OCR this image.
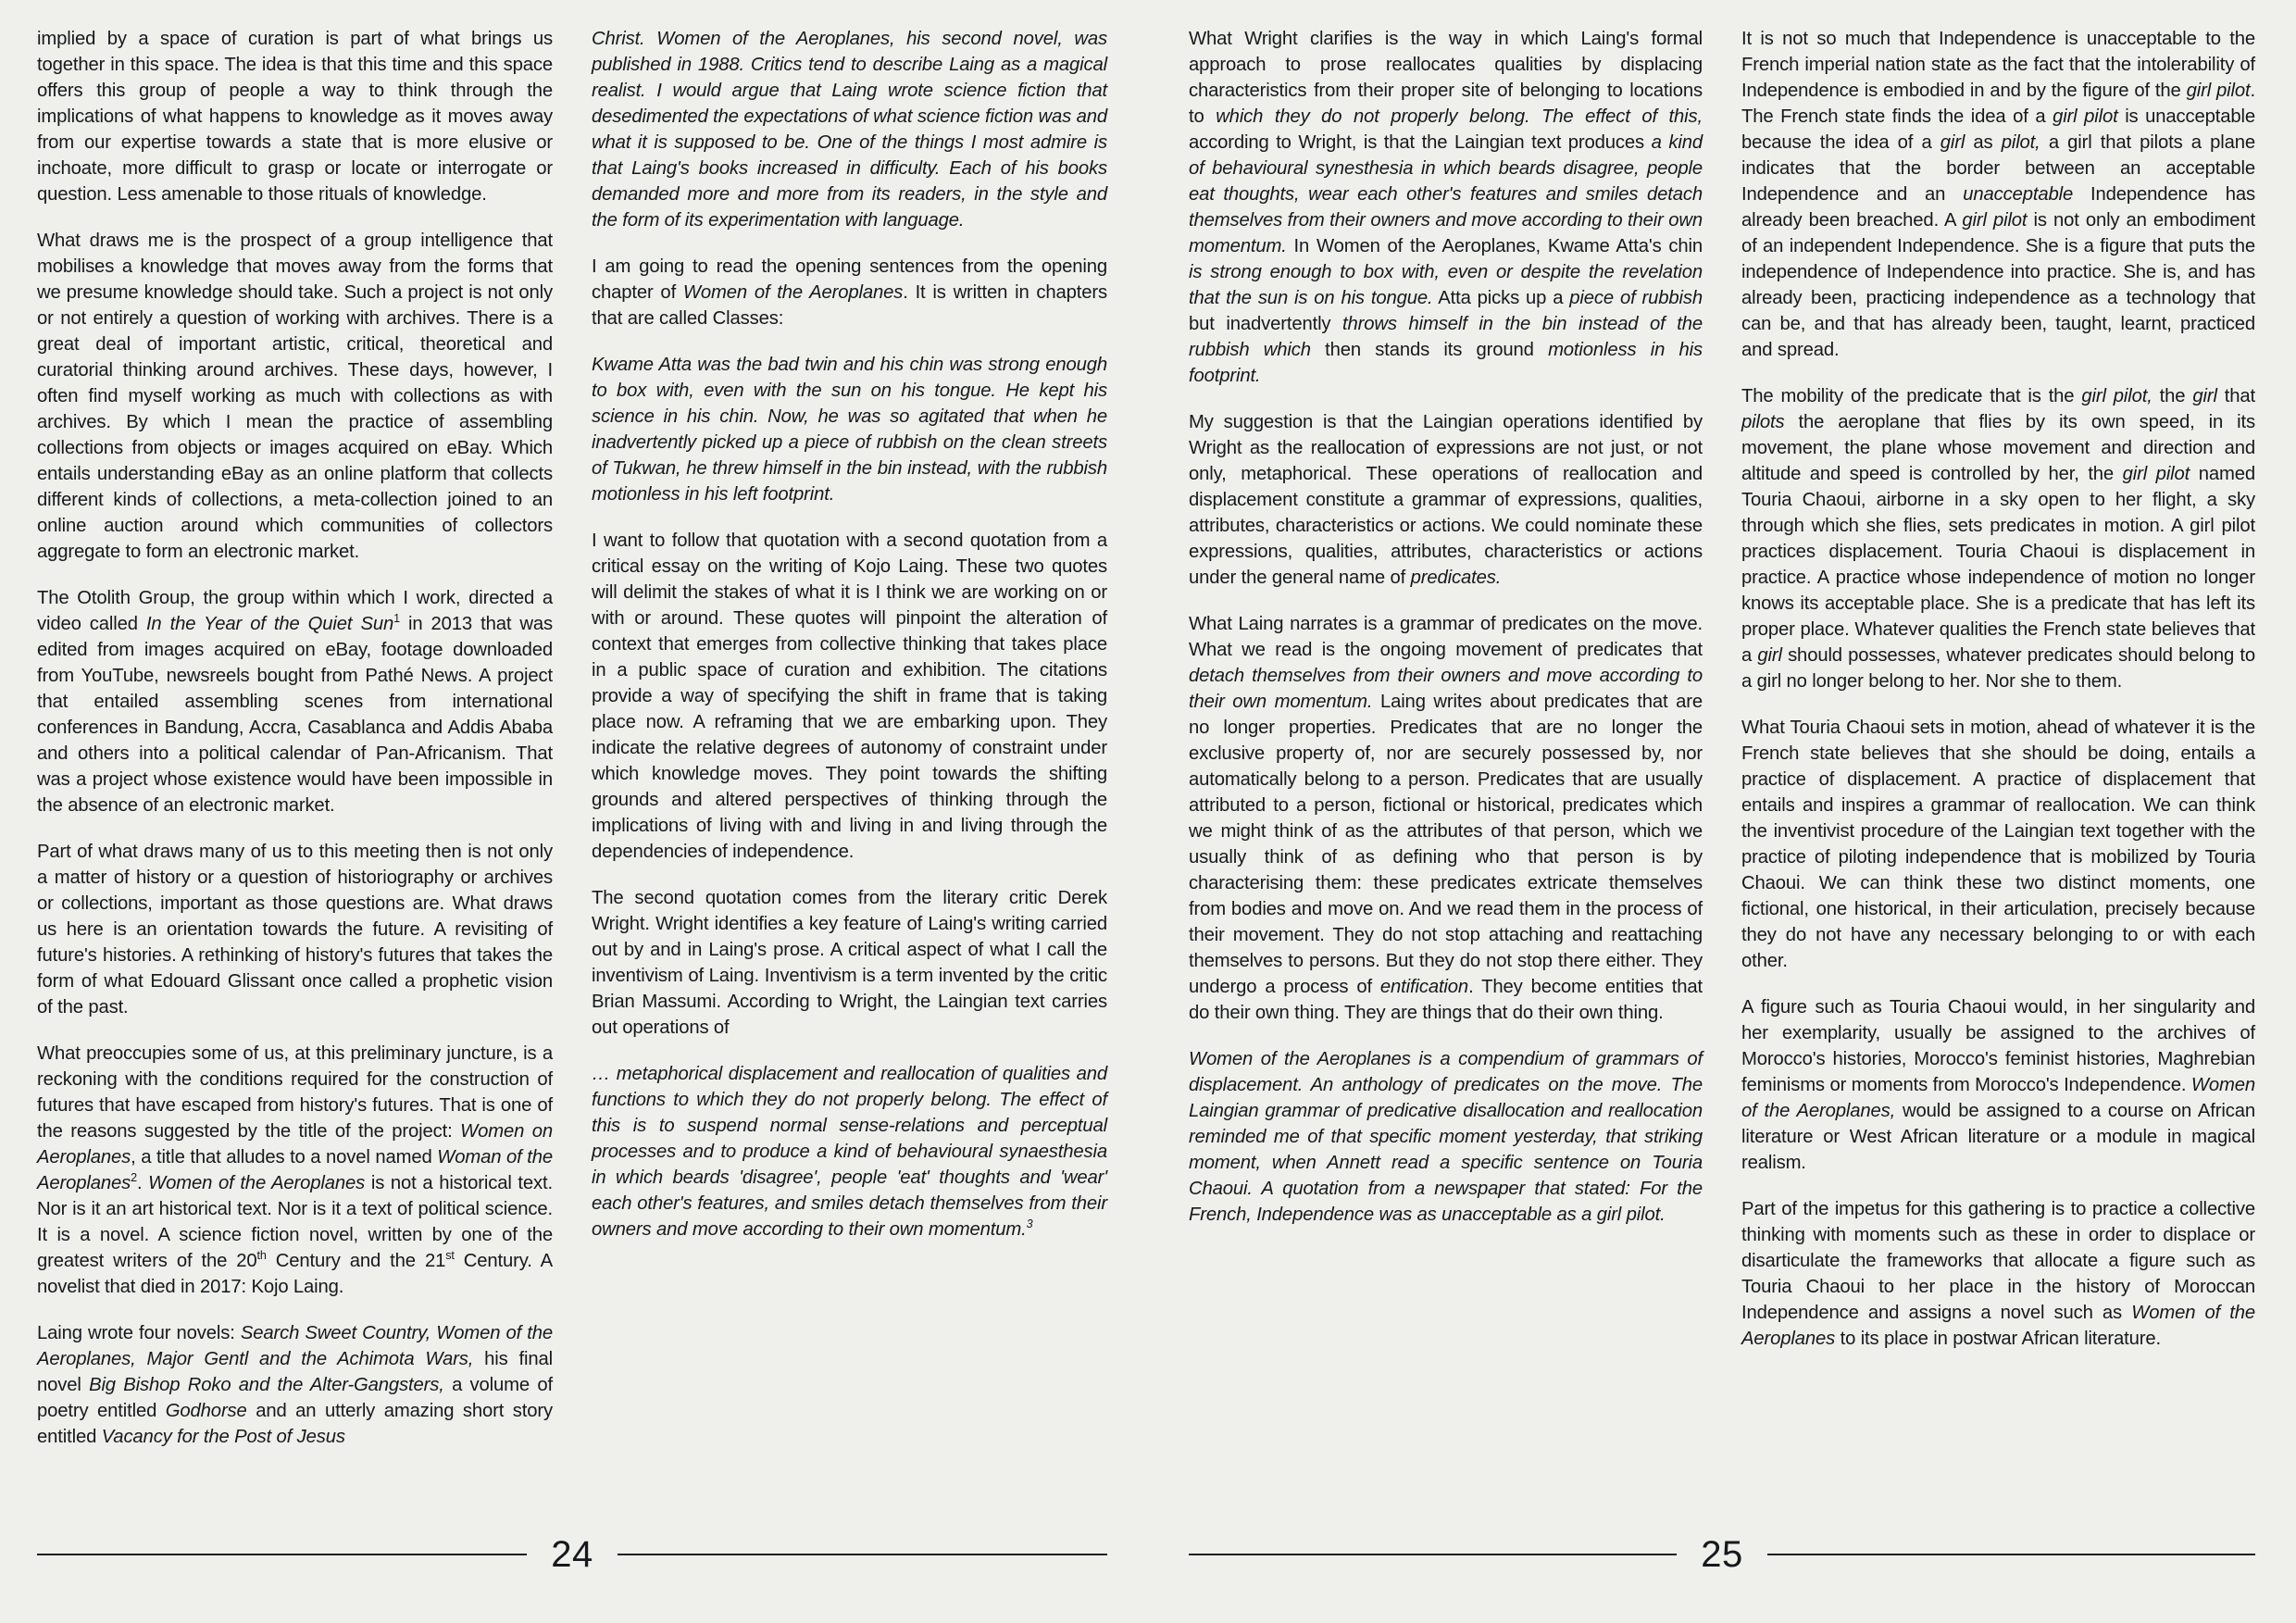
implied by a space of curation is part of what brings us together in this space. The idea is that this time and this space offers this group of people a way to think through the implications of what happens to knowledge as it moves away from our expertise towards a state that is more elusive or inchoate, more difficult to grasp or locate or interrogate or question. Less amenable to those rituals of knowledge.

What draws me is the prospect of a group intelligence that mobilises a knowledge that moves away from the forms that we presume knowledge should take. Such a project is not only or not entirely a question of working with archives. There is a great deal of important artistic, critical, theoretical and curatorial thinking around archives. These days, however, I often find myself working as much with collections as with archives. By which I mean the practice of assembling collections from objects or images acquired on eBay. Which entails understanding eBay as an online platform that collects different kinds of collections, a meta-collection joined to an online auction around which communities of collectors aggregate to form an electronic market.

The Otolith Group, the group within which I work, directed a video called In the Year of the Quiet Sun$^1$ in 2013 that was edited from images acquired on eBay, footage downloaded from YouTube, newsreels bought from Pathé News. A project that entailed assembling scenes from international conferences in Bandung, Accra, Casablanca and Addis Ababa and others into a political calendar of Pan-Africanism. That was a project whose existence would have been impossible in the absence of an electronic market.

Part of what draws many of us to this meeting then is not only a matter of history or a question of historiography or archives or collections, important as those questions are. What draws us here is an orientation towards the future. A revisiting of future's histories. A rethinking of history's futures that takes the form of what Edouard Glissant once called a prophetic vision of the past.

What preoccupies some of us, at this preliminary juncture, is a reckoning with the conditions required for the construction of futures that have escaped from history's futures. That is one of the reasons suggested by the title of the project: Women on Aeroplanes, a title that alludes to a novel named Woman of the Aeroplanes$^2$. Women of the Aeroplanes is not a historical text. Nor is it an art historical text. Nor is it a text of political science. It is a novel. A science fiction novel, written by one of the greatest writers of the 20th Century and the 21st Century. A novelist that died in 2017: Kojo Laing.

Laing wrote four novels: Search Sweet Country, Women of the Aeroplanes, Major Gentl and the Achimota Wars, his final novel Big Bishop Roko and the Alter-Gangsters, a volume of poetry entitled Godhorse and an utterly amazing short story entitled Vacancy for the Post of Jesus

Christ. Women of the Aeroplanes, his second novel, was published in 1988. Critics tend to describe Laing as a magical realist. I would argue that Laing wrote science fiction that desedimented the expectations of what science fiction was and what it is supposed to be. One of the things I most admire is that Laing's books increased in difficulty. Each of his books demanded more and more from its readers, in the style and the form of its experimentation with language.

I am going to read the opening sentences from the opening chapter of Women of the Aeroplanes. It is written in chapters that are called Classes:

Kwame Atta was the bad twin and his chin was strong enough to box with, even with the sun on his tongue. He kept his science in his chin. Now, he was so agitated that when he inadvertently picked up a piece of rubbish on the clean streets of Tukwan, he threw himself in the bin instead, with the rubbish motionless in his left footprint.

I want to follow that quotation with a second quotation from a critical essay on the writing of Kojo Laing. These two quotes will delimit the stakes of what it is I think we are working on or with or around. These quotes will pinpoint the alteration of context that emerges from collective thinking that takes place in a public space of curation and exhibition. The citations provide a way of specifying the shift in frame that is taking place now. A reframing that we are embarking upon. They indicate the relative degrees of autonomy of constraint under which knowledge moves. They point towards the shifting grounds and altered perspectives of thinking through the implications of living with and living in and living through the dependencies of independence.

The second quotation comes from the literary critic Derek Wright. Wright identifies a key feature of Laing's writing carried out by and in Laing's prose. A critical aspect of what I call the inventivism of Laing. Inventivism is a term invented by the critic Brian Massumi. According to Wright, the Laingian text carries out operations of

… metaphorical displacement and reallocation of qualities and functions to which they do not properly belong. The effect of this is to suspend normal sense-relations and perceptual processes and to produce a kind of behavioural synaesthesia in which beards 'disagree', people 'eat' thoughts and 'wear' each other's features, and smiles detach themselves from their owners and move according to their own momentum.$^3$

24

What Wright clarifies is the way in which Laing's formal approach to prose reallocates qualities by displacing characteristics from their proper site of belonging to locations to which they do not properly belong. The effect of this, according to Wright, is that the Laingian text produces a kind of behavioural synesthesia in which beards disagree, people eat thoughts, wear each other's features and smiles detach themselves from their owners and move according to their own momentum. In Women of the Aeroplanes, Kwame Atta's chin is strong enough to box with, even or despite the revelation that the sun is on his tongue. Atta picks up a piece of rubbish but inadvertently throws himself in the bin instead of the rubbish which then stands its ground motionless in his footprint.

My suggestion is that the Laingian operations identified by Wright as the reallocation of expressions are not just, or not only, metaphorical. These operations of reallocation and displacement constitute a grammar of expressions, qualities, attributes, characteristics or actions. We could nominate these expressions, qualities, attributes, characteristics or actions under the general name of predicates.

What Laing narrates is a grammar of predicates on the move. What we read is the ongoing movement of predicates that detach themselves from their owners and move according to their own momentum. Laing writes about predicates that are no longer properties. Predicates that are no longer the exclusive property of, nor are securely possessed by, nor automatically belong to a person. Predicates that are usually attributed to a person, fictional or historical, predicates which we might think of as the attributes of that person, which we usually think of as defining who that person is by characterising them: these predicates extricate themselves from bodies and move on. And we read them in the process of their movement. They do not stop attaching and reattaching themselves to persons. But they do not stop there either. They undergo a process of entification. They become entities that do their own thing. They are things that do their own thing.

Women of the Aeroplanes is a compendium of grammars of displacement. An anthology of predicates on the move. The Laingian grammar of predicative disallocation and reallocation reminded me of that specific moment yesterday, that striking moment, when Annett read a specific sentence on Touria Chaoui. A quotation from a newspaper that stated: For the French, Independence was as unacceptable as a girl pilot.

It is not so much that Independence is unacceptable to the French imperial nation state as the fact that the intolerability of Independence is embodied in and by the figure of the girl pilot. The French state finds the idea of a girl pilot is unacceptable because the idea of a girl as pilot, a girl that pilots a plane indicates that the border between an acceptable Independence and an unacceptable Independence has already been breached. A girl pilot is not only an embodiment of an independent Independence. She is a figure that puts the independence of Independence into practice. She is, and has already been, practicing independence as a technology that can be, and that has already been, taught, learnt, practiced and spread.

The mobility of the predicate that is the girl pilot, the girl that pilots the aeroplane that flies by its own speed, in its movement, the plane whose movement and direction and altitude and speed is controlled by her, the girl pilot named Touria Chaoui, airborne in a sky open to her flight, a sky through which she flies, sets predicates in motion. A girl pilot practices displacement. Touria Chaoui is displacement in practice. A practice whose independence of motion no longer knows its acceptable place. She is a predicate that has left its proper place. Whatever qualities the French state believes that a girl should possesses, whatever predicates should belong to a girl no longer belong to her. Nor she to them.

What Touria Chaoui sets in motion, ahead of whatever it is the French state believes that she should be doing, entails a practice of displacement. A practice of displacement that entails and inspires a grammar of reallocation. We can think the inventivist procedure of the Laingian text together with the practice of piloting independence that is mobilized by Touria Chaoui. We can think these two distinct moments, one fictional, one historical, in their articulation, precisely because they do not have any necessary belonging to or with each other.

A figure such as Touria Chaoui would, in her singularity and her exemplarity, usually be assigned to the archives of Morocco's histories, Morocco's feminist histories, Maghrebian feminisms or moments from Morocco's Independence. Women of the Aeroplanes, would be assigned to a course on African literature or West African literature or a module in magical realism.

Part of the impetus for this gathering is to practice a collective thinking with moments such as these in order to displace or disarticulate the frameworks that allocate a figure such as Touria Chaoui to her place in the history of Moroccan Independence and assigns a novel such as Women of the Aeroplanes to its place in postwar African literature.

25
